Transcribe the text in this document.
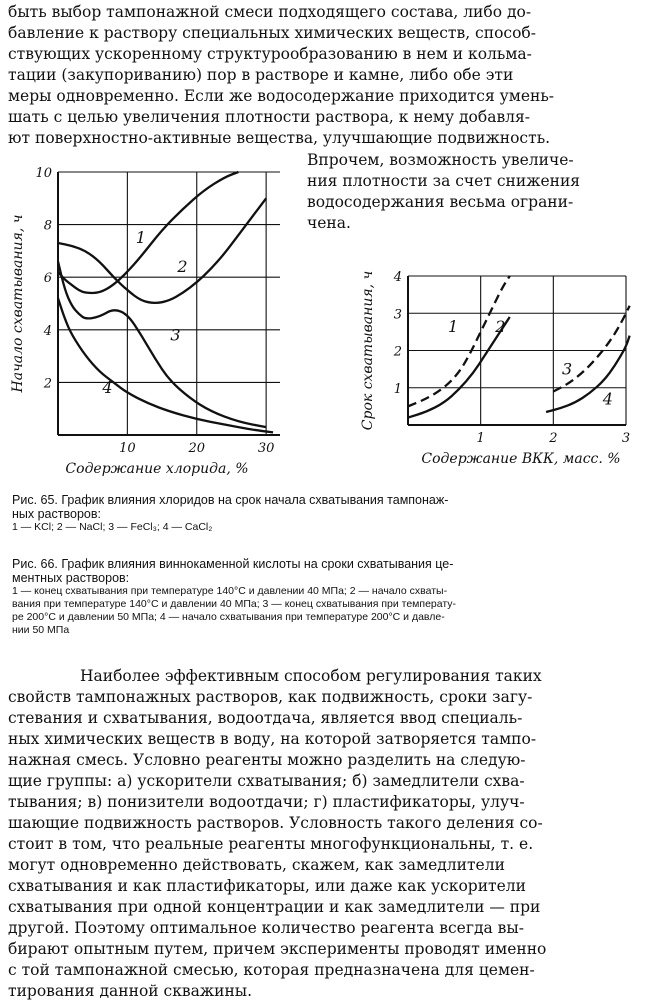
быть выбор тампонажной смеси подходящего состава, либо до-
бавление к раствору специальных химических веществ, способ-
ствующих ускоренному структурообразованию в нем и кольма-
тации (закупориванию) пор в растворе и камне, либо обе эти
меры одновременно. Если же водосодержание приходится умень-
шать с целью увеличения плотности раствора, к нему добавля-
ют поверхностно-активные вещества, улучшающие подвижность.
Впрочем, возможность увеличе-
ния плотности за счет снижения
водосодержания весьма ограни-
чена.
10	20	30
2
4
6
8
10
Содержание хлорида, %
Начало схватывания, ч	1
2
3
4
1	2	3
1
2
3
4
Содержание ВКК, масс. %
Срок схватывания, ч	1 2
3
4
Рис. 65. График влияния хлоридов на срок начала схватывания тампонаж-
ных растворов:
1 — KCl; 2 — NaCl; 3 — FeCl₃; 4 — CaCl₂
Рис. 66. График влияния виннокаменной кислоты на сроки схватывания це-
ментных растворов:
1 — конец схватывания при температуре 140°С и давлении 40 МПа; 2 — начало схваты-
вания при температуре 140°С и давлении 40 МПа; 3 — конец схватывания при температу-
ре 200°С и давлении 50 МПа; 4 — начало схватывания при температуре 200°С и давле-
нии 50 МПа
Наиболее эффективным способом регулирования таких
свойств тампонажных растворов, как подвижность, сроки загу-
стевания и схватывания, водоотдача, является ввод специаль-
ных химических веществ в воду, на которой затворяется тампо-
нажная смесь. Условно реагенты можно разделить на следую-
щие группы: а) ускорители схватывания; б) замедлители схва-
тывания; в) понизители водоотдачи; г) пластификаторы, улуч-
шающие подвижность растворов. Условность такого деления со-
стоит в том, что реальные реагенты многофункциональны, т. е.
могут одновременно действовать, скажем, как замедлители
схватывания и как пластификаторы, или даже как ускорители
схватывания при одной концентрации и как замедлители — при
другой. Поэтому оптимальное количество реагента всегда вы-
бирают опытным путем, причем эксперименты проводят именно
с той тампонажной смесью, которая предназначена для цемен-
тирования данной скважины.
